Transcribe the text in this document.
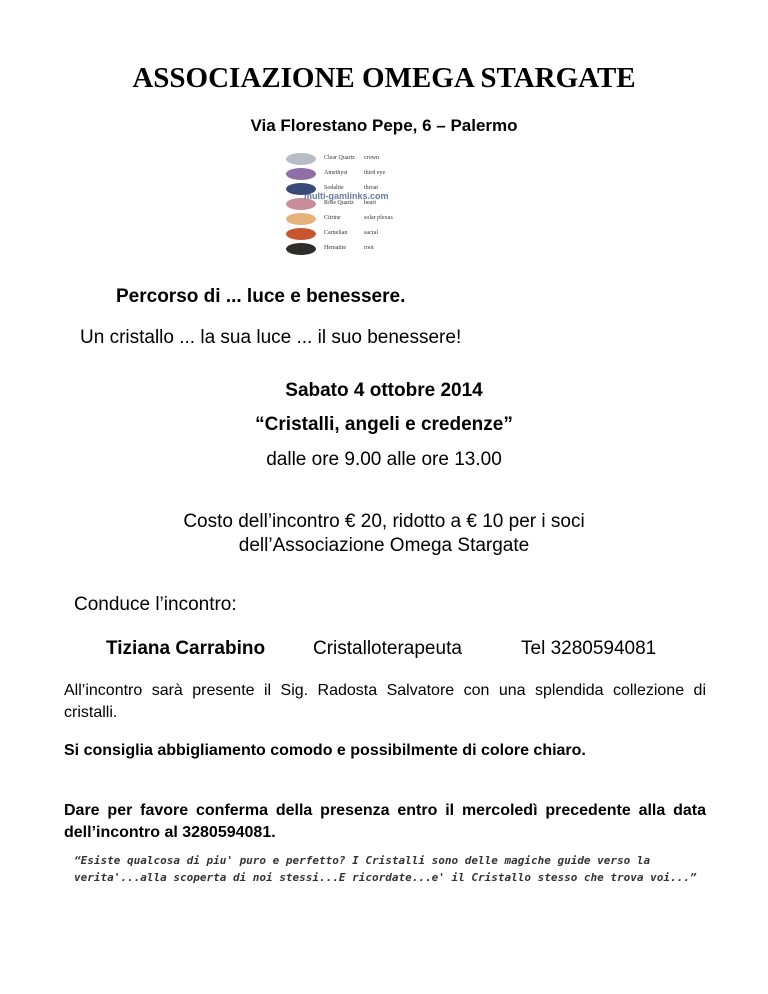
ASSOCIAZIONE OMEGA STARGATE
Via Florestano Pepe, 6 – Palermo
Clear Quartz crown
Amethyst	third eye
Sodalite	throat
Rose Quartz heart
Citrine	solar plexus
Carnelian	sacral
Hematite	root
multi-gamlinks.com
Percorso di ... luce e benessere.
Un cristallo ... la sua luce ... il suo benessere!
Sabato 4 ottobre 2014
“Cristalli, angeli e credenze”
dalle ore 9.00 alle ore 13.00
Costo dell’incontro € 20, ridotto a € 10 per i soci
dell’Associazione Omega Stargate
Conduce l’incontro:
Tiziana Carrabino	Cristalloterapeuta	Tel 3280594081
All’incontro sarà presente il Sig. Radosta Salvatore con una splendida collezione di cristalli.
Si consiglia abbigliamento comodo e possibilmente di colore chiaro.
Dare per favore conferma della presenza entro il mercoledì precedente alla data dell’incontro al 3280594081.
“Esiste qualcosa di piu' puro e perfetto? I Cristalli sono delle magiche guide verso la verita'...alla scoperta di noi stessi...E ricordate...e' il Cristallo stesso che trova voi...”
